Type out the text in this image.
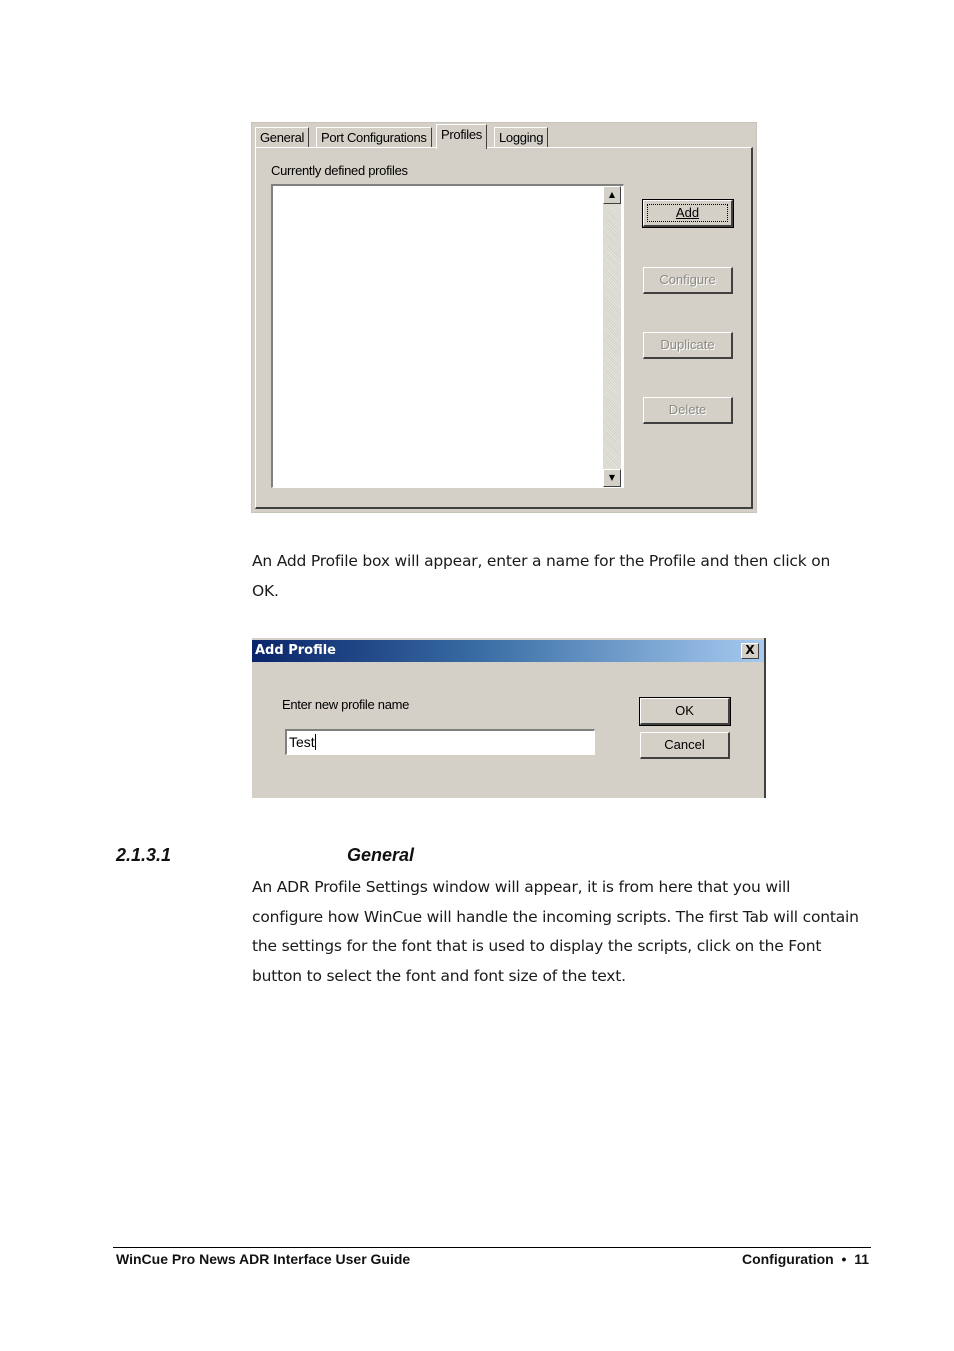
General	Port Configurations	Profiles	Logging
Currently defined profiles
▲
▼
Add
Configure
Duplicate
Delete
An Add Profile box will appear, enter a name for the Profile and then click on
OK.
Add Profile	X
Enter new profile name
Test
OK
Cancel
2.1.3.1	General
An ADR Profile Settings window will appear, it is from here that you will
configure how WinCue will handle the incoming scripts. The first Tab will contain
the settings for the font that is used to display the scripts, click on the Font
button to select the font and font size of the text.
WinCue Pro News ADR Interface User Guide	Configuration  •  11
